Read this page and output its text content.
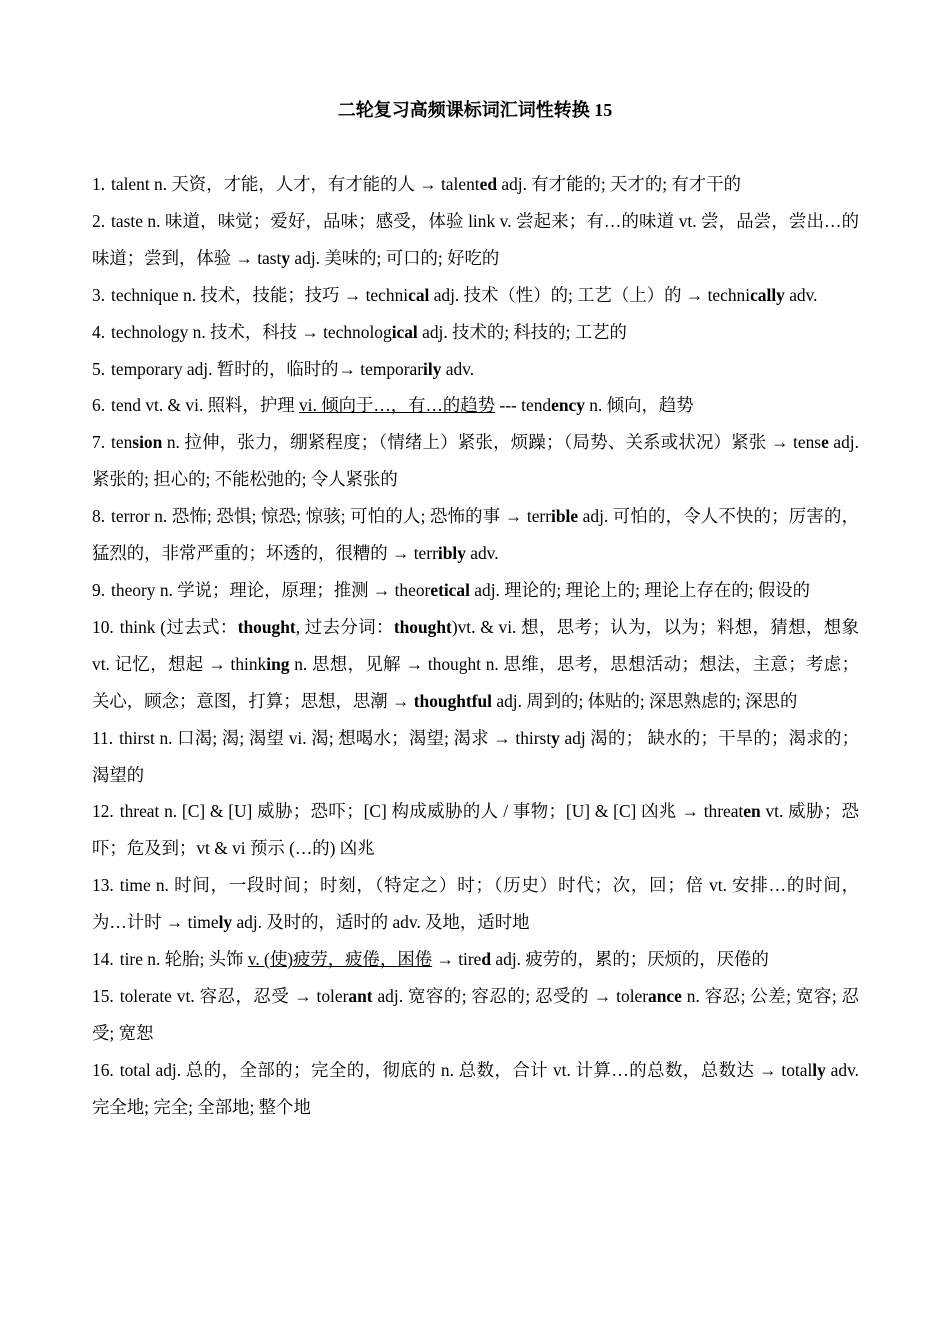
二轮复习高频课标词汇词性转换 15

1. talent n. 天资，才能，人才，有才能的人 → talented adj. 有才能的; 天才的; 有才干的

2. taste n. 味道，味觉；爱好，品味；感受，体验 link v. 尝起来；有…的味道 vt. 尝，品尝，尝出…的味道；尝到，体验 → tasty adj. 美味的; 可口的; 好吃的

3. technique n. 技术，技能；技巧 → technical adj. 技术（性）的; 工艺（上）的 → technically adv.

4. technology n. 技术，科技 → technological adj. 技术的; 科技的; 工艺的

5. temporary adj. 暂时的，临时的→ temporarily adv.

6. tend vt. & vi. 照料，护理 vi. 倾向于…，有…的趋势 --- tendency n. 倾向，趋势

7. tension n. 拉伸，张力，绷紧程度；（情绪上）紧张，烦躁；（局势、关系或状况）紧张 → tense adj. 紧张的; 担心的; 不能松弛的; 令人紧张的

8. terror n. 恐怖; 恐惧; 惊恐; 惊骇; 可怕的人; 恐怖的事 → terrible adj. 可怕的，令人不快的；厉害的，猛烈的，非常严重的；坏透的，很糟的 → terribly adv.

9. theory n. 学说；理论，原理；推测 → theoretical adj. 理论的; 理论上的; 理论上存在的; 假设的

10. think (过去式：thought, 过去分词：thought)vt. & vi. 想，思考；认为，以为；料想，猜想，想象 vt. 记忆，想起 → thinking n. 思想，见解 → thought n. 思维，思考，思想活动；想法，主意；考虑；关心，顾念；意图，打算；思想，思潮 → thoughtful adj. 周到的; 体贴的; 深思熟虑的; 深思的

11. thirst n. 口渴; 渴; 渴望 vi. 渴; 想喝水；渴望; 渴求 → thirsty adj 渴的； 缺水的；干旱的；渴求的；渴望的

12. threat n. [C] & [U] 威胁；恐吓；[C] 构成威胁的人 / 事物；[U] & [C] 凶兆 → threaten vt. 威胁；恐吓；危及到；vt & vi 预示 (…的) 凶兆

13. time n. 时间，一段时间；时刻，（特定之）时；（历史）时代；次，回；倍 vt. 安排…的时间，为…计时 → timely adj. 及时的，适时的 adv. 及地，适时地

14. tire n. 轮胎; 头饰 v. (使)疲劳，疲倦，困倦 → tired adj. 疲劳的，累的；厌烦的，厌倦的

15. tolerate vt. 容忍，忍受 → tolerant adj. 宽容的; 容忍的; 忍受的 → tolerance n. 容忍; 公差; 宽容; 忍受; 宽恕

16. total adj. 总的，全部的；完全的，彻底的 n. 总数，合计 vt. 计算…的总数，总数达 → totally adv. 完全地; 完全; 全部地; 整个地
